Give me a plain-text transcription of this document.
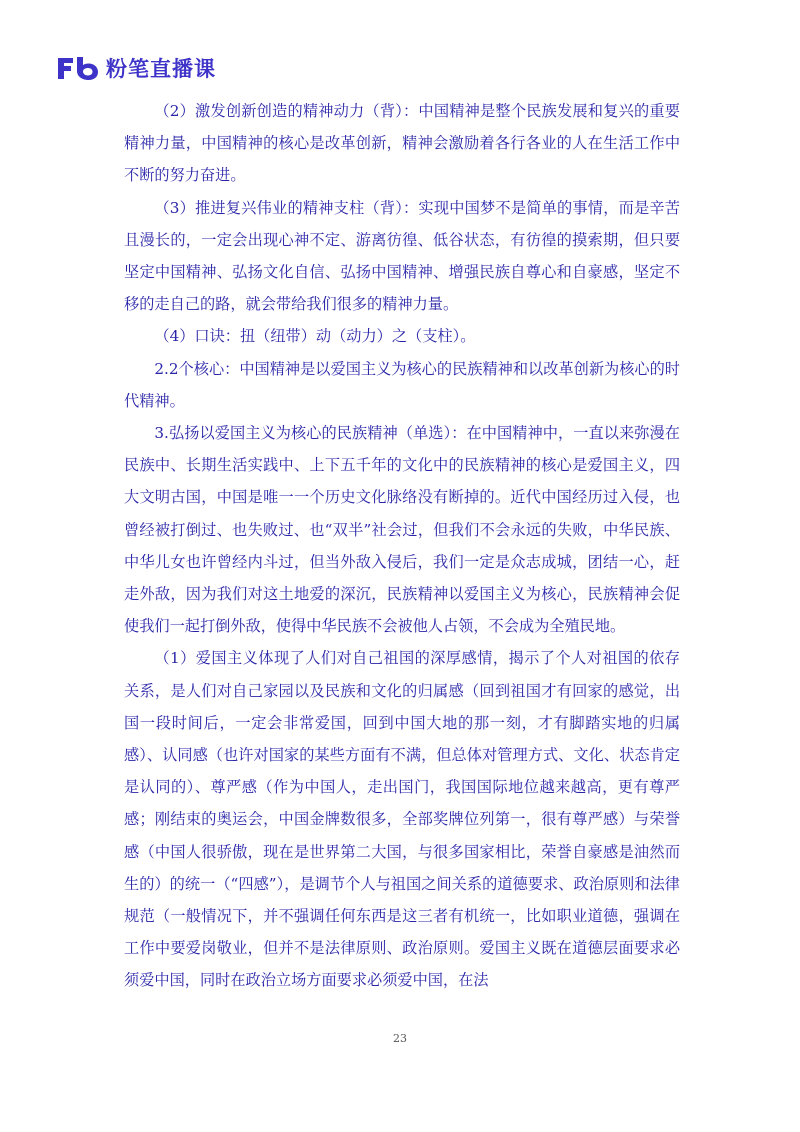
粉笔直播课

（2）激发创新创造的精神动力（背）：中国精神是整个民族发展和复兴的重要精神力量，中国精神的核心是改革创新，精神会激励着各行各业的人在生活工作中不断的努力奋进。

（3）推进复兴伟业的精神支柱（背）：实现中国梦不是简单的事情，而是辛苦且漫长的，一定会出现心神不定、游离彷徨、低谷状态，有彷徨的摸索期，但只要坚定中国精神、弘扬文化自信、弘扬中国精神、增强民族自尊心和自豪感，坚定不移的走自己的路，就会带给我们很多的精神力量。

（4）口诀：扭（纽带）动（动力）之（支柱）。

2.2个核心：中国精神是以爱国主义为核心的民族精神和以改革创新为核心的时代精神。

3.弘扬以爱国主义为核心的民族精神（单选）：在中国精神中，一直以来弥漫在民族中、长期生活实践中、上下五千年的文化中的民族精神的核心是爱国主义，四大文明古国，中国是唯一一个历史文化脉络没有断掉的。近代中国经历过入侵，也曾经被打倒过、也失败过、也“双半”社会过，但我们不会永远的失败，中华民族、中华儿女也许曾经内斗过，但当外敌入侵后，我们一定是众志成城，团结一心，赶走外敌，因为我们对这土地爱的深沉，民族精神以爱国主义为核心，民族精神会促使我们一起打倒外敌，使得中华民族不会被他人占领，不会成为全殖民地。

（1）爱国主义体现了人们对自己祖国的深厚感情，揭示了个人对祖国的依存关系，是人们对自己家园以及民族和文化的归属感（回到祖国才有回家的感觉，出国一段时间后，一定会非常爱国，回到中国大地的那一刻，才有脚踏实地的归属感）、认同感（也许对国家的某些方面有不满，但总体对管理方式、文化、状态肯定是认同的）、尊严感（作为中国人，走出国门，我国国际地位越来越高，更有尊严感；刚结束的奥运会，中国金牌数很多，全部奖牌位列第一，很有尊严感）与荣誉感（中国人很骄傲，现在是世界第二大国，与很多国家相比，荣誉自豪感是油然而生的）的统一（“四感”），是调节个人与祖国之间关系的道德要求、政治原则和法律规范（一般情况下，并不强调任何东西是这三者有机统一，比如职业道德，强调在工作中要爱岗敬业，但并不是法律原则、政治原则。爱国主义既在道德层面要求必须爱中国，同时在政治立场方面要求必须爱中国，在法

23
